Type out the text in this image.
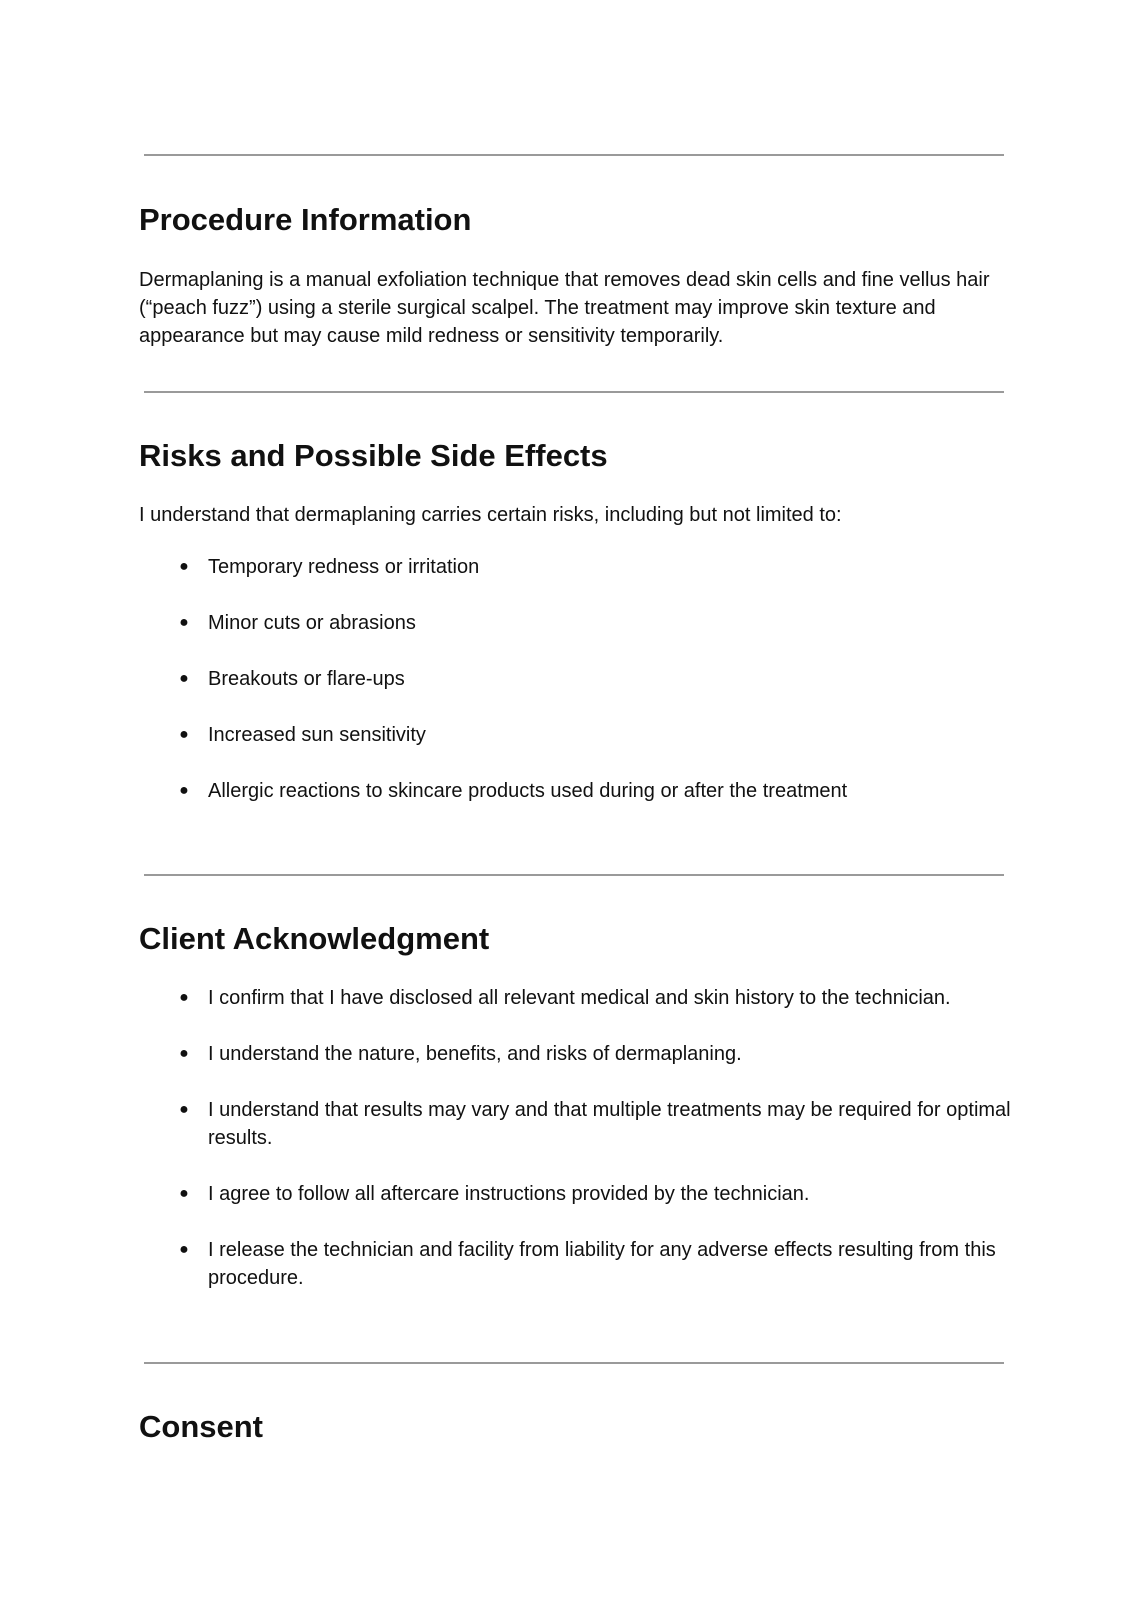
Procedure Information

Dermaplaning is a manual exfoliation technique that removes dead skin cells and fine vellus hair (“peach fuzz”) using a sterile surgical scalpel. The treatment may improve skin texture and appearance but may cause mild redness or sensitivity temporarily.

Risks and Possible Side Effects

I understand that dermaplaning carries certain risks, including but not limited to:

● Temporary redness or irritation
● Minor cuts or abrasions
● Breakouts or flare-ups
● Increased sun sensitivity
● Allergic reactions to skincare products used during or after the treatment
Client Acknowledgment
● I confirm that I have disclosed all relevant medical and skin history to the technician.
● I understand the nature, benefits, and risks of dermaplaning.
● I understand that results may vary and that multiple treatments may be required for optimal results.
● I agree to follow all aftercare instructions provided by the technician.
● I release the technician and facility from liability for any adverse effects resulting from this procedure.
Consent
